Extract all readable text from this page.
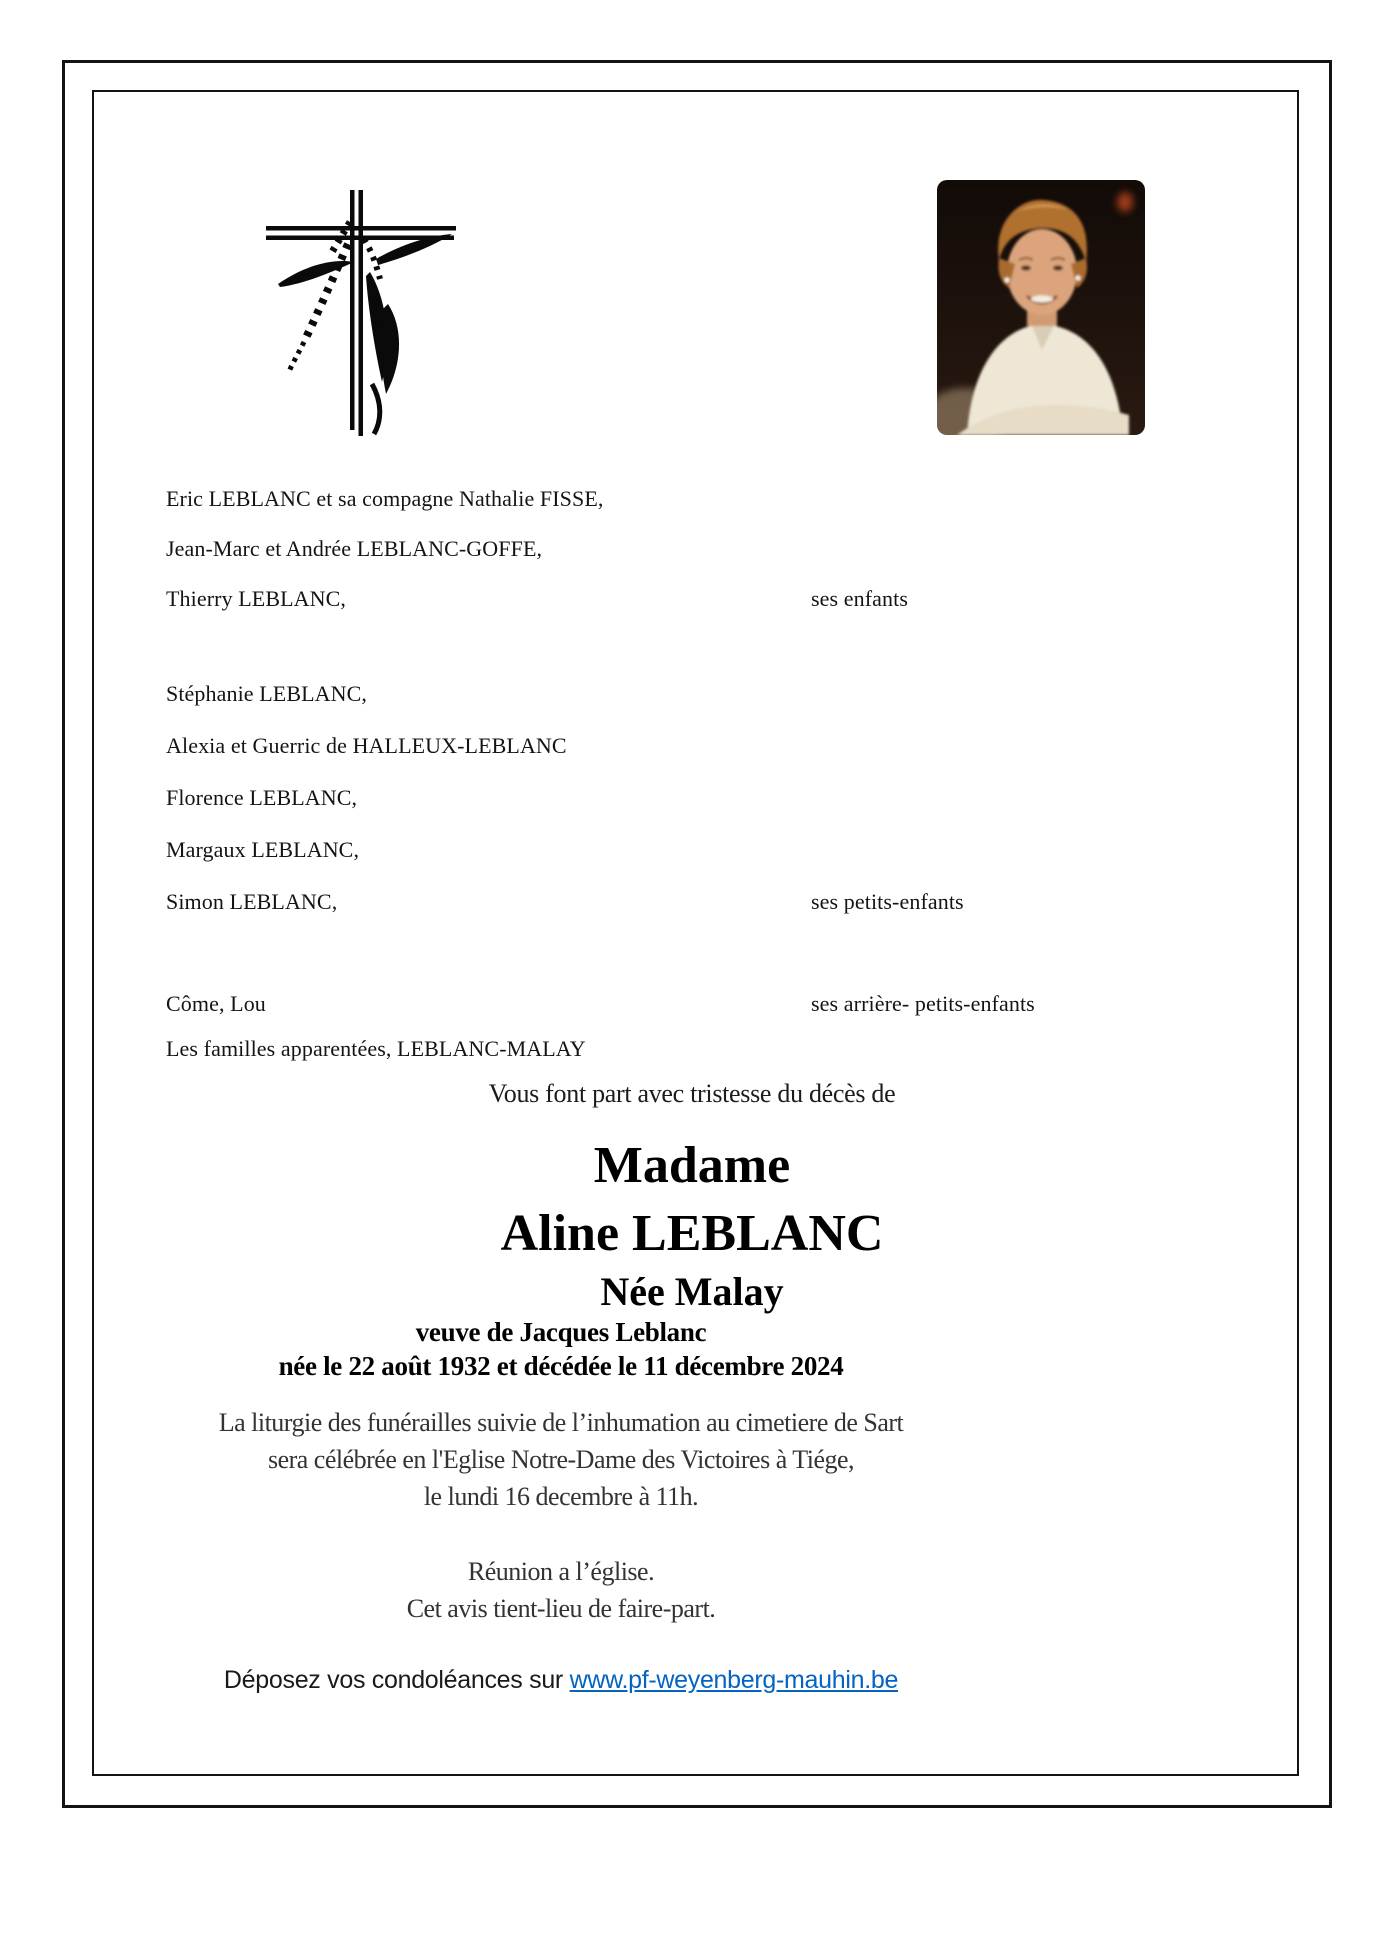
Eric LEBLANC et sa compagne Nathalie FISSE,
Jean-Marc et Andrée LEBLANC-GOFFE,
Thierry LEBLANC,	ses enfants
Stéphanie LEBLANC,
Alexia et Guerric de HALLEUX-LEBLANC
Florence LEBLANC,
Margaux LEBLANC,
Simon LEBLANC,	ses petits-enfants
Côme, Lou	ses arrière- petits-enfants
Les familles apparentées, LEBLANC-MALAY
Vous font part avec tristesse du décès de
Madame
Aline LEBLANC
Née Malay
veuve de Jacques Leblanc
née le 22 août 1932 et décédée le 11 décembre 2024
La liturgie des funérailles suivie de l’inhumation au cimetiere de Sart
sera célébrée en l'Eglise Notre-Dame des Victoires à Tiége,
le lundi 16 decembre à 11h.
Réunion a l’église.
Cet avis tient-lieu de faire-part.
Déposez vos condoléances sur www.pf-weyenberg-mauhin.be
